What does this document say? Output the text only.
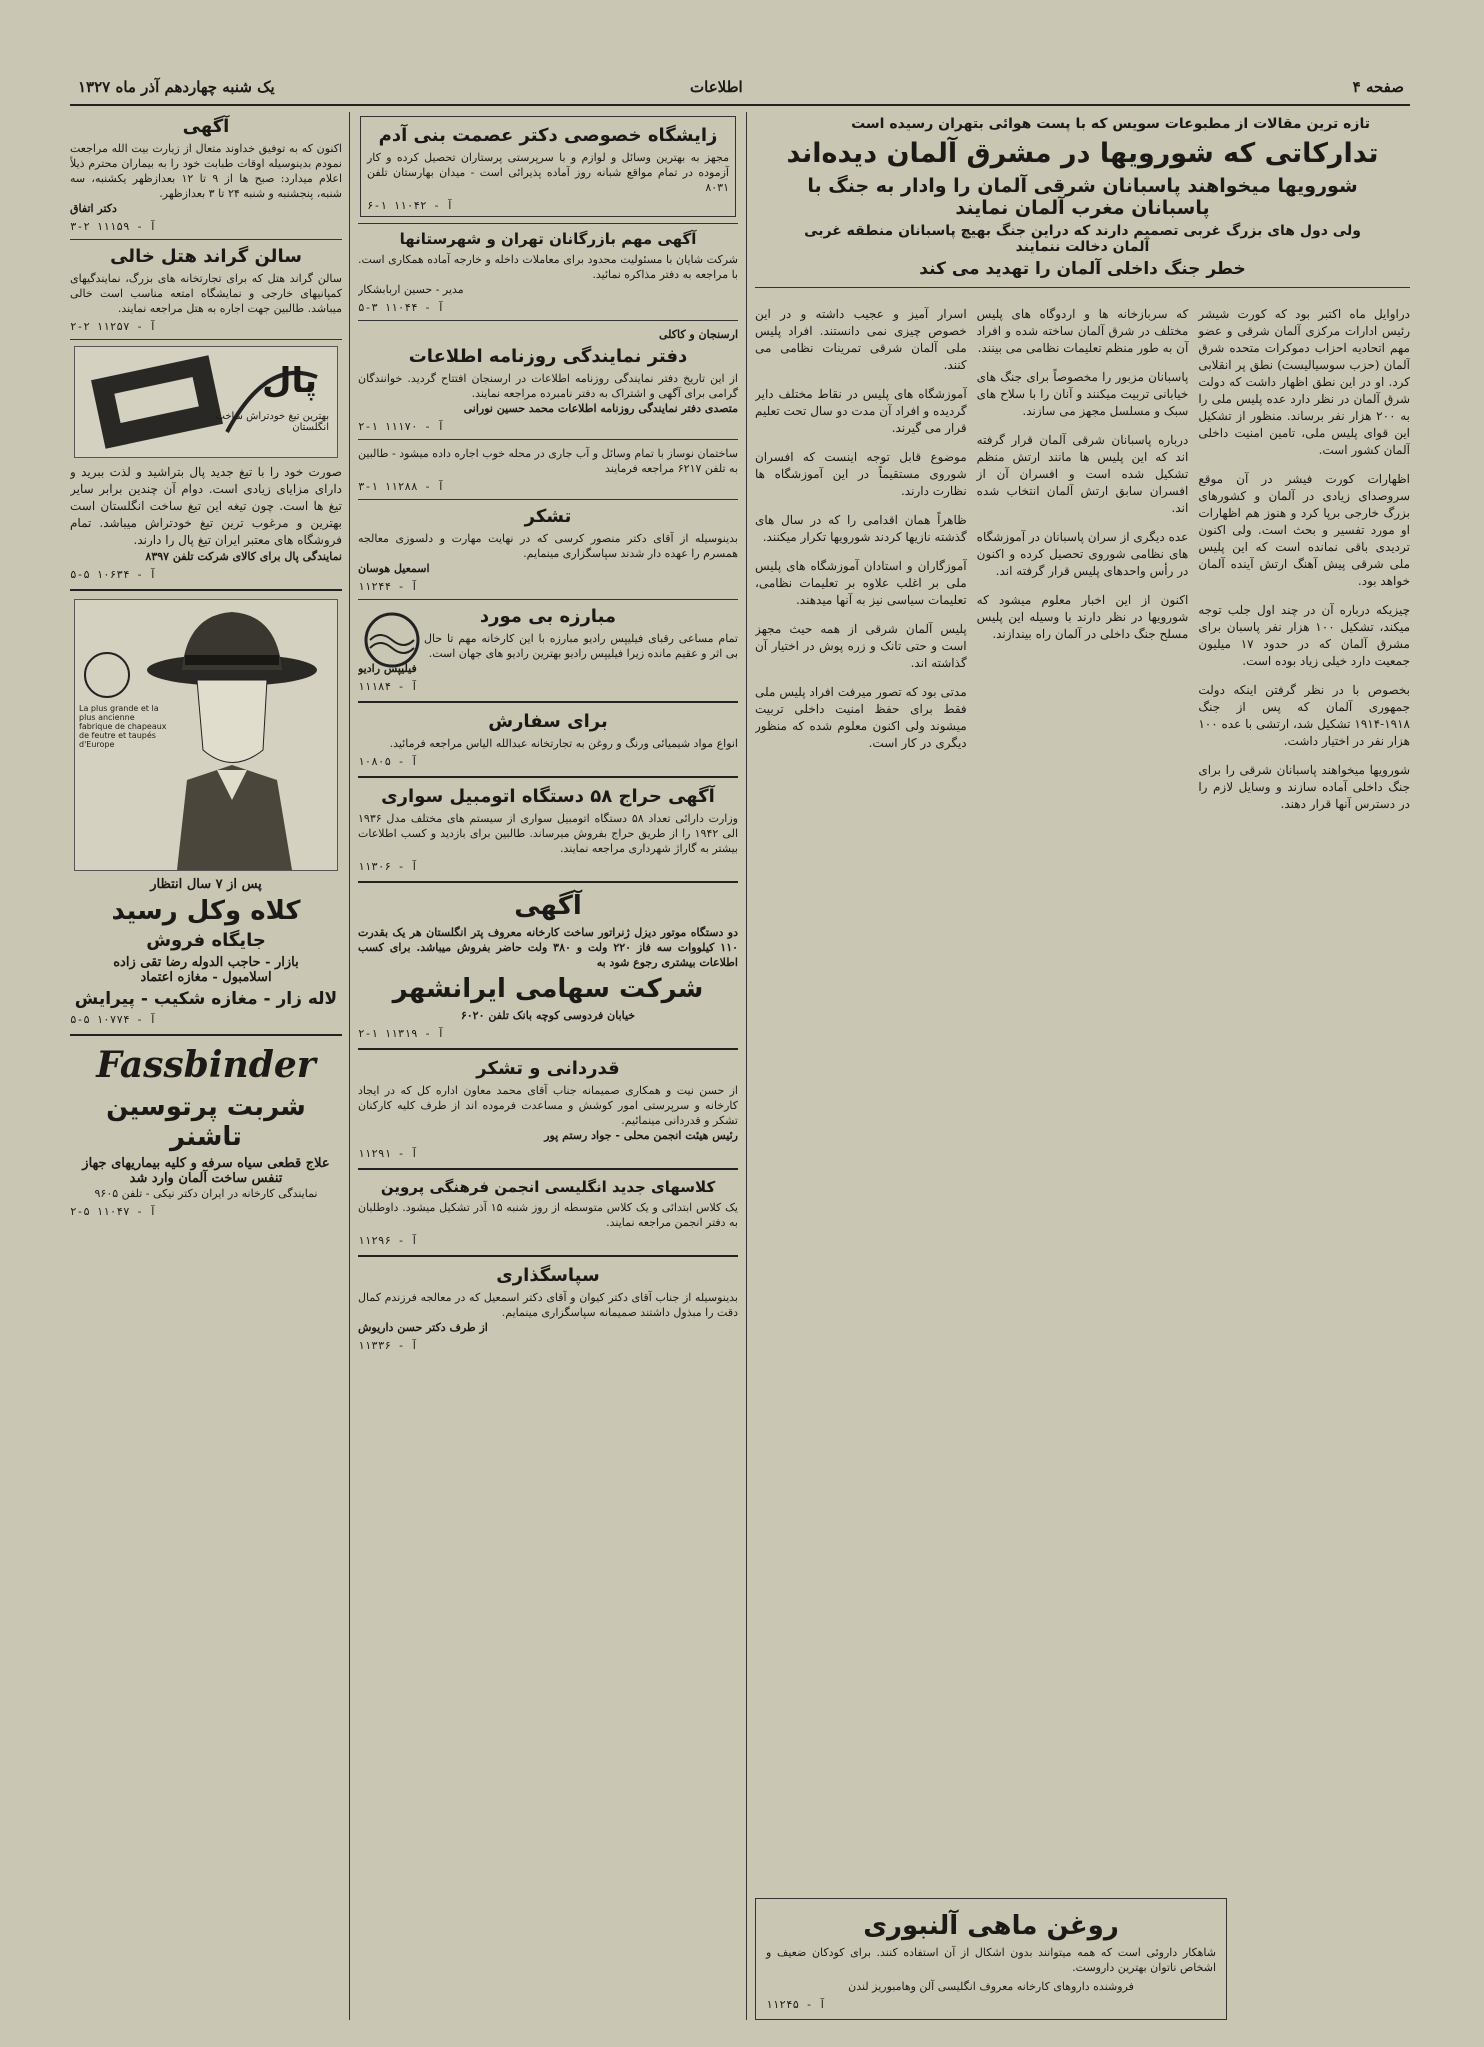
صفحه ۴
اطلاعات
یک شنبه چهاردهم آذر ماه ۱۳۲۷
تازه ترین مقالات از مطبوعات سویس که با پست هوائی بتهران رسیده است
تدارکاتی که شورویها در مشرق آلمان دیده‌اند
شورویها میخواهند پاسبانان شرقی آلمان را وادار به جنگ با پاسبانان مغرب آلمان نمایند
ولی دول های بزرگ غربی تصمیم دارند که دراین جنگ بهیچ پاسبانان منطقه غربی آلمان دخالت ننمایند
خطر جنگ داخلی آلمان را تهدید می کند

دراوایل ماه اکتبر بود که کورت شیشر رئیس ادارات مرکزی آلمان شرقی و عضو مهم اتحادیه احزاب دموکرات متحده شرق آلمان (حزب سوسیالیست) نطق پر انقلابی کرد. او در این نطق اظهار داشت که دولت شرق آلمان در نظر دارد عده پلیس ملی را به ۲۰۰ هزار نفر برساند. منظور از تشکیل این قوای پلیس ملی، تامین امنیت داخلی آلمان کشور است.

اظهارات کورت فیشر در آن موقع سروصدای زیادی در آلمان و کشورهای بزرگ خارجی برپا کرد و هنوز هم اظهارات او مورد تفسیر و بحث است. ولی اکنون تردیدی باقی نمانده است که این پلیس ملی شرقی پیش آهنگ ارتش آینده آلمان خواهد بود.

چیزیکه درباره آن در چند اول جلب توجه میکند، تشکیل ۱۰۰ هزار نفر پاسبان برای مشرق آلمان که در حدود ۱۷ میلیون جمعیت دارد خیلی زیاد بوده است.

بخصوص با در نظر گرفتن اینکه دولت جمهوری آلمان که پس از جنگ ۱۹۱۸-۱۹۱۴ تشکیل شد، ارتشی با عده ۱۰۰ هزار نفر در اختیار داشت.

شورویها میخواهند پاسبانان شرقی را برای جنگ داخلی آماده سازند و وسایل لازم را در دسترس آنها قرار دهند.

که سربازخانه ها و اردوگاه های پلیس مختلف در شرق آلمان ساخته شده و افراد آن به طور منظم تعلیمات نظامی می بینند.

پاسبانان مزبور را مخصوصاً برای جنگ های خیابانی تربیت میکنند و آنان را با سلاح های سبک و مسلسل مجهز می سازند.

درباره پاسبانان شرقی آلمان قرار گرفته اند که این پلیس ها مانند ارتش منظم تشکیل شده است و افسران آن از افسران سابق ارتش آلمان انتخاب شده اند.

عده دیگری از سران پاسبانان در آموزشگاه های نظامی شوروی تحصیل کرده و اکنون در رأس واحدهای پلیس قرار گرفته اند.

اکنون از این اخبار معلوم میشود که شورویها در نظر دارند با وسیله این پلیس مسلح جنگ داخلی در آلمان راه بیندازند.

اسرار آمیز و عجیب داشته و در این خصوص چیزی نمی دانستند. افراد پلیس ملی آلمان شرقی تمرینات نظامی می کنند.

آموزشگاه های پلیس در نقاط مختلف دایر گردیده و افراد آن مدت دو سال تحت تعلیم قرار می گیرند.

موضوع قابل توجه اینست که افسران شوروی مستقیماً در این آموزشگاه ها نظارت دارند.

ظاهراً همان اقدامی را که در سال های گذشته نازیها کردند شورویها تکرار میکنند.

آموزگاران و استادان آموزشگاه های پلیس ملی بر اغلب علاوه بر تعلیمات نظامی، تعلیمات سیاسی نیز به آنها میدهند.

پلیس آلمان شرقی از همه حیث مجهز است و حتی تانک و زره پوش در اختیار آن گذاشته اند.

مدتی بود که تصور میرفت افراد پلیس ملی فقط برای حفظ امنیت داخلی تربیت میشوند ولی اکنون معلوم شده که منظور دیگری در کار است.

روغن ماهی آلنبوری
شاهکار داروئی است که همه میتوانند بدون اشکال از آن استفاده کنند. برای کودکان ضعیف و اشخاص ناتوان بهترین داروست.
فروشنده داروهای کارخانه معروف انگلیسی آلن وهامبوریز لندن
آ - ۱۱۲۴۵
زایشگاه خصوصی دکتر عصمت بنی آدم
مجهز به بهترین وسائل و لوازم و با سرپرستی پرستاران تحصیل کرده و کار آزموده در تمام مواقع شبانه روز آماده پذیرائی است - میدان بهارستان تلفن ۸۰۳۱
آ - ۱۱۰۴۲ ۱-۶
آگهی مهم بازرگانان تهران و شهرستانها
شرکت شایان با مسئولیت محدود برای معاملات داخله و خارجه آماده همکاری است. با مراجعه به دفتر مذاکره نمائید.
مدیر - حسین اربابشکار
آ - ۱۱۰۴۴ ۳-۵
ارسنجان و کاکلی
دفتر نمایندگی روزنامه اطلاعات
از این تاریخ دفتر نمایندگی روزنامه اطلاعات در ارسنجان افتتاح گردید. خوانندگان گرامی برای آگهی و اشتراک به دفتر نامبرده مراجعه نمایند.
متصدی دفتر نمایندگی روزنامه اطلاعات محمد حسین نورانی
آ - ۱۱۱۷۰ ۱-۲
ساختمان نوساز با تمام وسائل و آب جاری در محله خوب اجاره داده میشود - طالبین به تلفن ۶۲۱۷ مراجعه فرمایند
آ - ۱۱۲۸۸ ۱-۳
تشکر
بدینوسیله از آقای دکتر منصور کرسی که در نهایت مهارت و دلسوزی معالجه همسرم را عهده دار شدند سپاسگزاری مینمایم.
اسمعیل هوسان
آ - ۱۱۲۴۴
مبارزه بی مورد
تمام مساعی رقبای فیلیپس رادیو مبارزه با این کارخانه مهم تا حال بی اثر و عقیم مانده زیرا فیلیپس رادیو بهترین رادیو های جهان است.
فیلیپس رادیو
آ - ۱۱۱۸۴
برای سفارش
انواع مواد شیمیائی ورنگ و روغن به تجارتخانه عبدالله الیاس مراجعه فرمائید.
آ - ۱۰۸۰۵
آگهی حراج ۵۸ دستگاه اتومبیل سواری
وزارت دارائی تعداد ۵۸ دستگاه اتومبیل سواری از سیستم های مختلف مدل ۱۹۳۶ الی ۱۹۴۲ را از طریق حراج بفروش میرساند. طالبین برای بازدید و کسب اطلاعات بیشتر به گاراژ شهرداری مراجعه نمایند.
آ - ۱۱۳۰۶
آگهی
دو دستگاه موتور دیزل ژنراتور ساخت کارخانه معروف پتر انگلستان هر یک بقدرت ۱۱۰ کیلووات سه فاز ۲۲۰ ولت و ۳۸۰ ولت حاضر بفروش میباشد. برای کسب اطلاعات بیشتری رجوع شود به
شرکت سهامی ایرانشهر
خیابان فردوسی کوچه بانک تلفن ۶۰۲۰
آ - ۱۱۳۱۹ ۱-۲
قدردانی و تشکر
از حسن نیت و همکاری صمیمانه جناب آقای محمد معاون اداره کل که در ایجاد کارخانه و سرپرستی امور کوشش و مساعدت فرموده اند از طرف کلیه کارکنان تشکر و قدردانی مینمائیم.
رئیس هیئت انجمن محلی - جواد رستم پور
آ - ۱۱۲۹۱
کلاسهای جدید انگلیسی انجمن فرهنگی پروین
یک کلاس ابتدائی و یک کلاس متوسطه از روز شنبه ۱۵ آذر تشکیل میشود. داوطلبان به دفتر انجمن مراجعه نمایند.
آ - ۱۱۲۹۶
سپاسگذاری
بدینوسیله از جناب آقای دکتر کیوان و آقای دکتر اسمعیل که در معالجه فرزندم کمال دقت را مبذول داشتند صمیمانه سپاسگزاری مینمایم.
از طرف دکتر حسن داریوش
آ - ۱۱۳۳۶
آگهی
اکنون که به توفیق خداوند متعال از زیارت بیت الله مراجعت نمودم بدینوسیله اوقات طبابت خود را به بیماران محترم ذیلاً اعلام میدارد: صبح ها از ۹ تا ۱۲ بعدازظهر یکشنبه، سه شنبه، پنجشنبه و شنبه ۲۴ تا ۳ بعدازظهر.
دکتر اتفاق
آ - ۱۱۱۵۹ ۲-۳
سالن گراند هتل خالی
سالن گراند هتل که برای تجارتخانه های بزرگ، نمایندگیهای کمپانیهای خارجی و نمایشگاه امتعه مناسب است خالی میباشد. طالبین جهت اجاره به هتل مراجعه نمایند.
آ - ۱۱۲۵۷ ۲-۲
پال
بهترین تیغ خودتراش ساخت انگلستان
صورت خود را با تیغ جدید پال بتراشید و لذت ببرید و دارای مزایای زیادی است. دوام آن چندین برابر سایر تیغ ها است. چون تیغه این تیغ ساخت انگلستان است بهترین و مرغوب ترین تیغ خودتراش میباشد. تمام فروشگاه های معتبر ایران تیغ پال را دارند.
نمایندگی پال برای کالای شرکت تلفن ۸۳۹۷
آ - ۱۰۶۳۴ ۵-۵
La plus grande et la plus ancienne
fabrique de chapeaux de feutre et taupés d'Europe
پس از ۷ سال انتظار
کلاه وکل رسید
جایگاه فروش
بازار - حاجب الدوله رضا تقی زاده
اسلامبول - مغازه اعتماد
لاله زار - مغازه شکیب - پیرایش
آ - ۱۰۷۷۴ ۵-۵
Fassbinder
شربت پرتوسین تاشنر
علاج قطعی سیاه سرفه و کلیه بیماریهای جهاز تنفس ساخت آلمان وارد شد
نمایندگی کارخانه در ایران دکتر نیکی - تلفن ۹۶۰۵
آ - ۱۱۰۴۷ ۵-۲
